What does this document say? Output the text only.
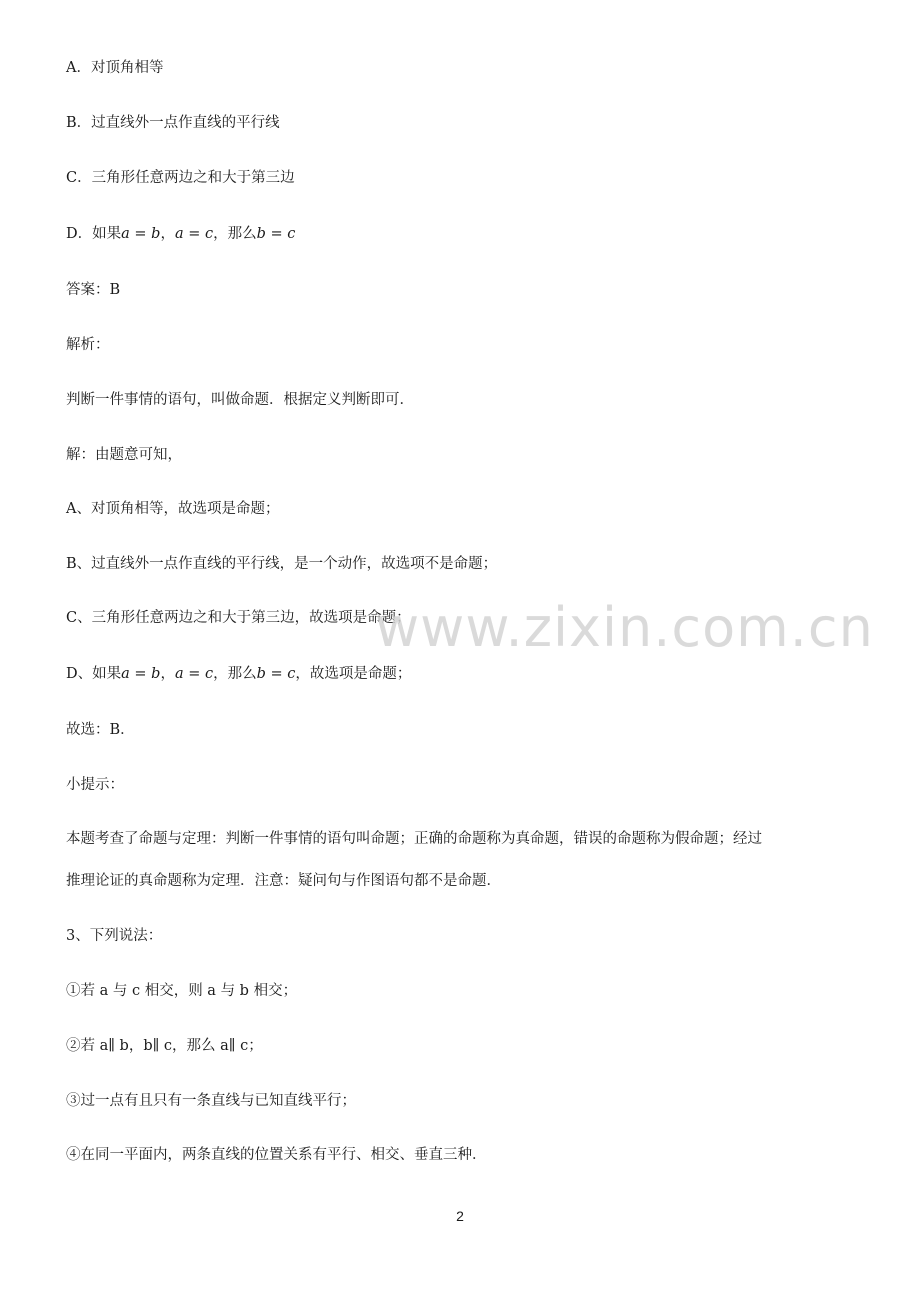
A．对顶角相等
B．过直线外一点作直线的平行线
C．三角形任意两边之和大于第三边
D．如果a = b，a = c，那么b = c
答案：B
解析：
判断一件事情的语句，叫做命题．根据定义判断即可．
解：由题意可知，
A、对顶角相等，故选项是命题；
B、过直线外一点作直线的平行线，是一个动作，故选项不是命题；
C、三角形任意两边之和大于第三边，故选项是命题；
D、如果a = b，a = c，那么b = c，故选项是命题；
故选：B．
小提示：
本题考查了命题与定理：判断一件事情的语句叫命题；正确的命题称为真命题，错误的命题称为假命题；经过
推理论证的真命题称为定理．注意：疑问句与作图语句都不是命题．
3、下列说法：
①若 a 与 c 相交，则 a 与 b 相交；
②若 a∥ b，b∥ c，那么 a∥ c；
③过一点有且只有一条直线与已知直线平行；
④在同一平面内，两条直线的位置关系有平行、相交、垂直三种．
www.zixin.com.cn
2
